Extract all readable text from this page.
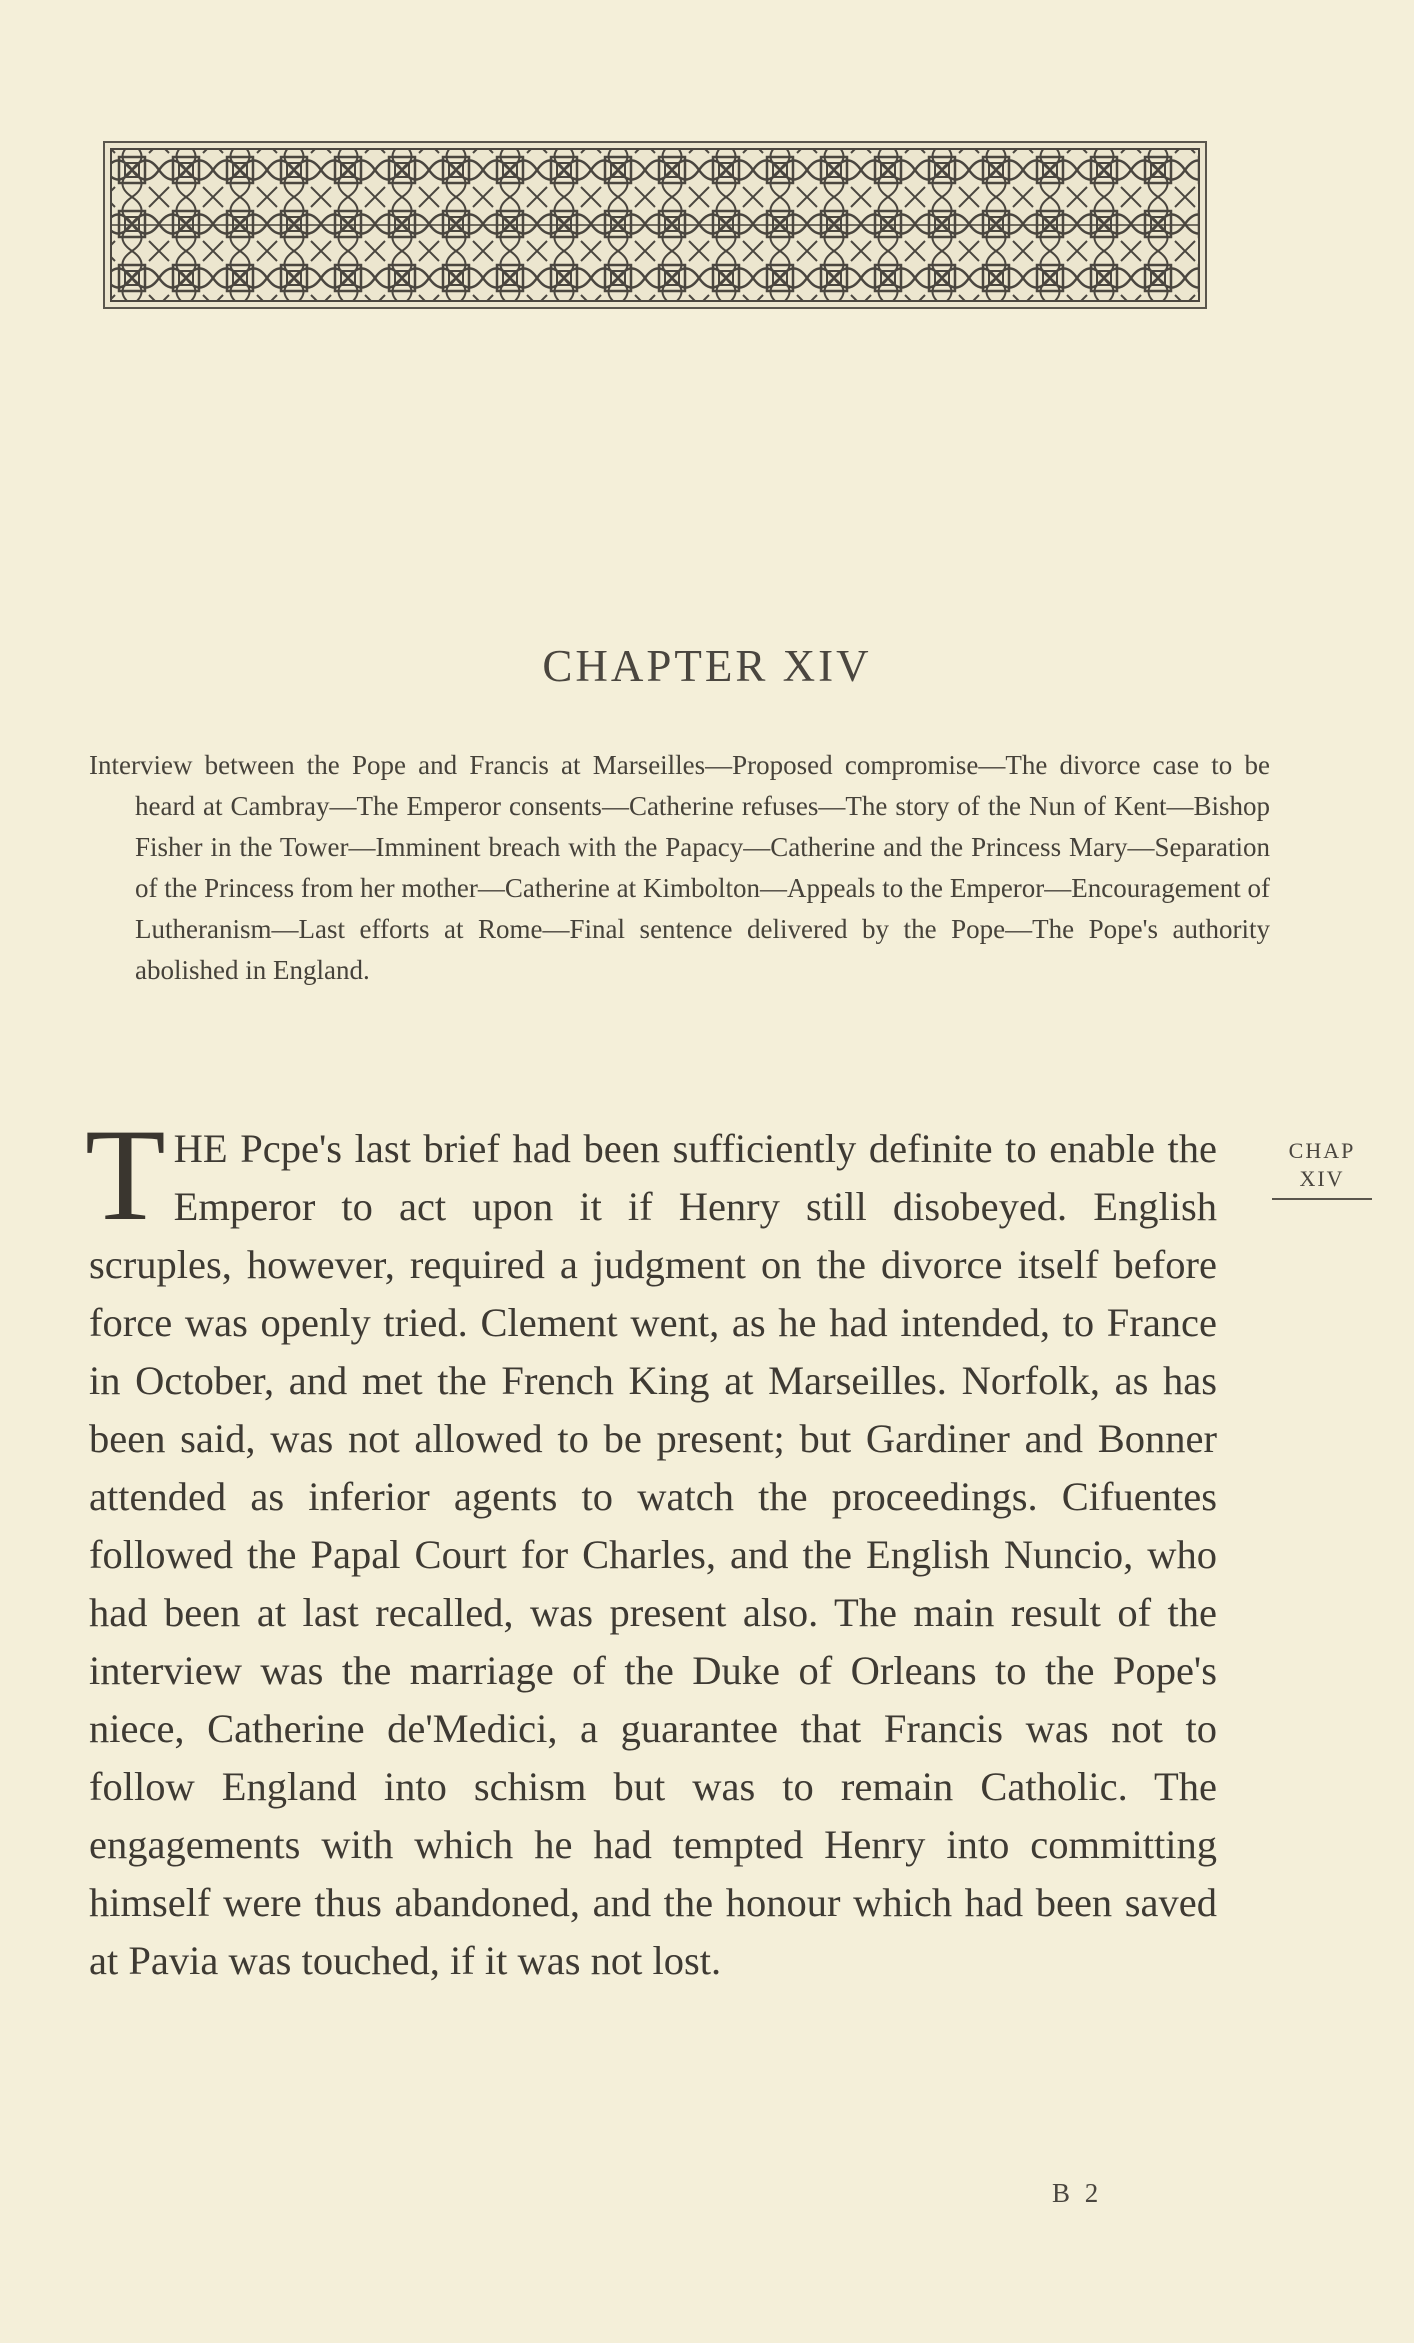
CHAPTER XIV
Interview between the Pope and Francis at Marseilles—Proposed compromise—The divorce case to be heard at Cambray—The Emperor consents—Catherine refuses—The story of the Nun of Kent—Bishop Fisher in the Tower—Imminent breach with the Papacy—Catherine and the Princess Mary—Separation of the Princess from her mother—Catherine at Kimbolton—Appeals to the Emperor—Encouragement of Lutheranism—Last efforts at Rome—Final sentence delivered by the Pope—The Pope's authority abolished in England.
T HE Pcpe's last brief had been sufficiently definite to enable the Emperor to act upon it if Henry still disobeyed. English scruples, however, required a judgment on the divorce itself before force was openly tried. Clement went, as he had intended, to France in October, and met the French King at Marseilles. Norfolk, as has been said, was not allowed to be present; but Gardiner and Bonner attended as inferior agents to watch the proceedings. Cifuentes followed the Papal Court for Charles, and the English Nuncio, who had been at last recalled, was present also. The main result of the interview was the marriage of the Duke of Orleans to the Pope's niece, Catherine de'Medici, a guarantee that Francis was not to follow England into schism but was to remain Catholic. The engagements with which he had tempted Henry into committing himself were thus abandoned, and the honour which had been saved at Pavia was touched, if it was not lost.
CHAP
XIV
B 2
